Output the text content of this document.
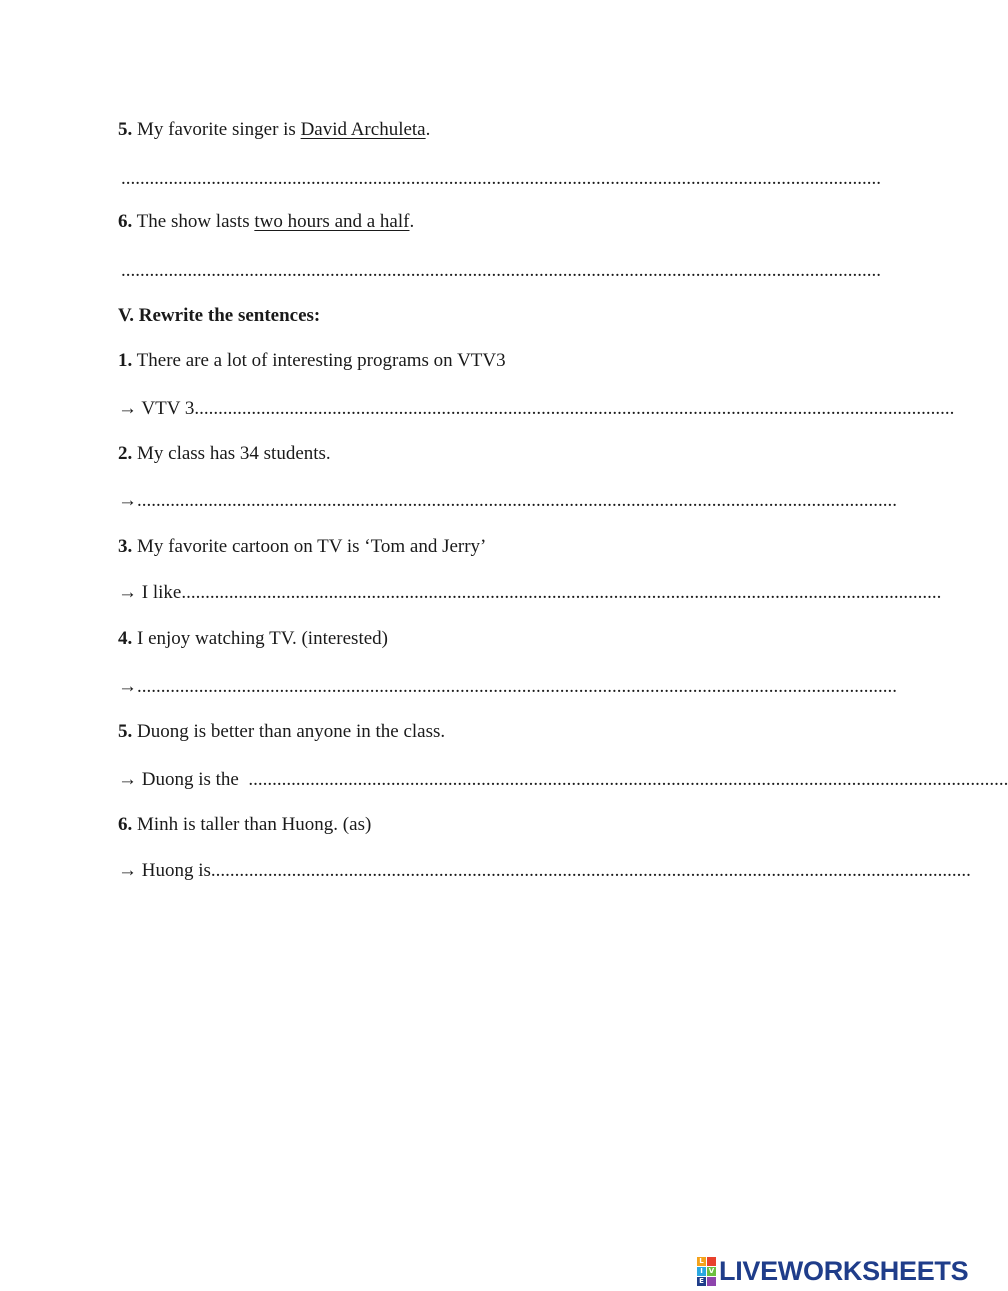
5. My favorite singer is David Archuleta.
................................................................................................................................................................
6. The show lasts two hours and a half.
................................................................................................................................................................
V. Rewrite the sentences:
1. There are a lot of interesting programs on VTV3
→ VTV 3 ................................................................................................................................................................
2. My class has 34 students.
→ ................................................................................................................................................................
3. My favorite cartoon on TV is ‘Tom and Jerry’
→ I like ................................................................................................................................................................
4. I enjoy watching TV. (interested)
→ ................................................................................................................................................................
5. Duong is better than anyone in the class.
→ Duong is the ................................................................................................................................................................
6. Minh is taller than Huong. (as)
→ Huong is ................................................................................................................................................................
L
I V
E LIVEWORKSHEETS
